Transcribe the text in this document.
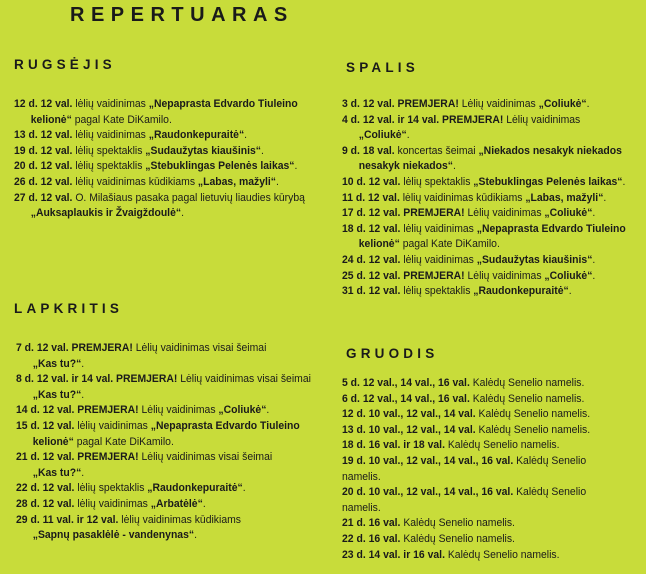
REPERTUARAS
RUGSĖJIS
12 d. 12 val. lėlių vaidinimas „Nepaprasta Edvardo Tiuleino
kelionė“ pagal Kate DiKamilo.
13 d. 12 val. lėlių vaidinimas „Raudonkepuraitė“.
19 d. 12 val. lėlių spektaklis „Sudaužytas kiaušinis“.
20 d. 12 val. lėlių spektaklis „Stebuklingas Pelenės laikas“.
26 d. 12 val. lėlių vaidinimas kūdikiams „Labas, mažyli“.
27 d. 12 val. O. Milašiaus pasaka pagal lietuvių liaudies kūrybą
„Auksaplaukis ir Žvaigždoulė“.
SPALIS
3 d. 12 val. PREMJERA! Lėlių vaidinimas „Coliukė“.
4 d. 12 val. ir 14 val. PREMJERA! Lėlių vaidinimas
„Coliukė“.
9 d. 18 val. koncertas šeimai „Niekados nesakyk niekados
nesakyk niekados“.
10 d. 12 val. lėlių spektaklis „Stebuklingas Pelenės laikas“.
11 d. 12 val. lėlių vaidinimas kūdikiams „Labas, mažyli“.
17 d. 12 val. PREMJERA! Lėlių vaidinimas „Coliukė“.
18 d. 12 val. lėlių vaidinimas „Nepaprasta Edvardo Tiuleino
kelionė“ pagal Kate DiKamilo.
24 d. 12 val. lėlių vaidinimas „Sudaužytas kiaušinis“.
25 d. 12 val. PREMJERA! Lėlių vaidinimas „Coliukė“.
31 d. 12 val. lėlių spektaklis „Raudonkepuraitė“.
LAPKRITIS
7 d. 12 val. PREMJERA! Lėlių vaidinimas visai šeimai
„Kas tu?“.
8 d. 12 val. ir 14 val. PREMJERA! Lėlių vaidinimas visai šeimai
„Kas tu?“.
14 d. 12 val. PREMJERA! Lėlių vaidinimas „Coliukė“.
15 d. 12 val. lėlių vaidinimas „Nepaprasta Edvardo Tiuleino
kelionė“ pagal Kate DiKamilo.
21 d. 12 val. PREMJERA! Lėlių vaidinimas visai šeimai
„Kas tu?“.
22 d. 12 val. lėlių spektaklis „Raudonkepuraitė“.
28 d. 12 val. lėlių vaidinimas „Arbatėlė“.
29 d. 11 val. ir 12 val. lėlių vaidinimas kūdikiams
„Sapnų pasaklėlė - vandenynas“.
GRUODIS
5 d. 12 val., 14 val., 16 val. Kalėdų Senelio namelis.
6 d. 12 val., 14 val., 16 val. Kalėdų Senelio namelis.
12 d. 10 val., 12 val., 14 val. Kalėdų Senelio namelis.
13 d. 10 val., 12 val., 14 val. Kalėdų Senelio namelis.
18 d. 16 val. ir 18 val. Kalėdų Senelio namelis.
19 d. 10 val., 12 val., 14 val., 16 val. Kalėdų Senelio
namelis.
20 d. 10 val., 12 val., 14 val., 16 val. Kalėdų Senelio
namelis.
21 d. 16 val. Kalėdų Senelio namelis.
22 d. 16 val. Kalėdų Senelio namelis.
23 d. 14 val. ir 16 val. Kalėdų Senelio namelis.
